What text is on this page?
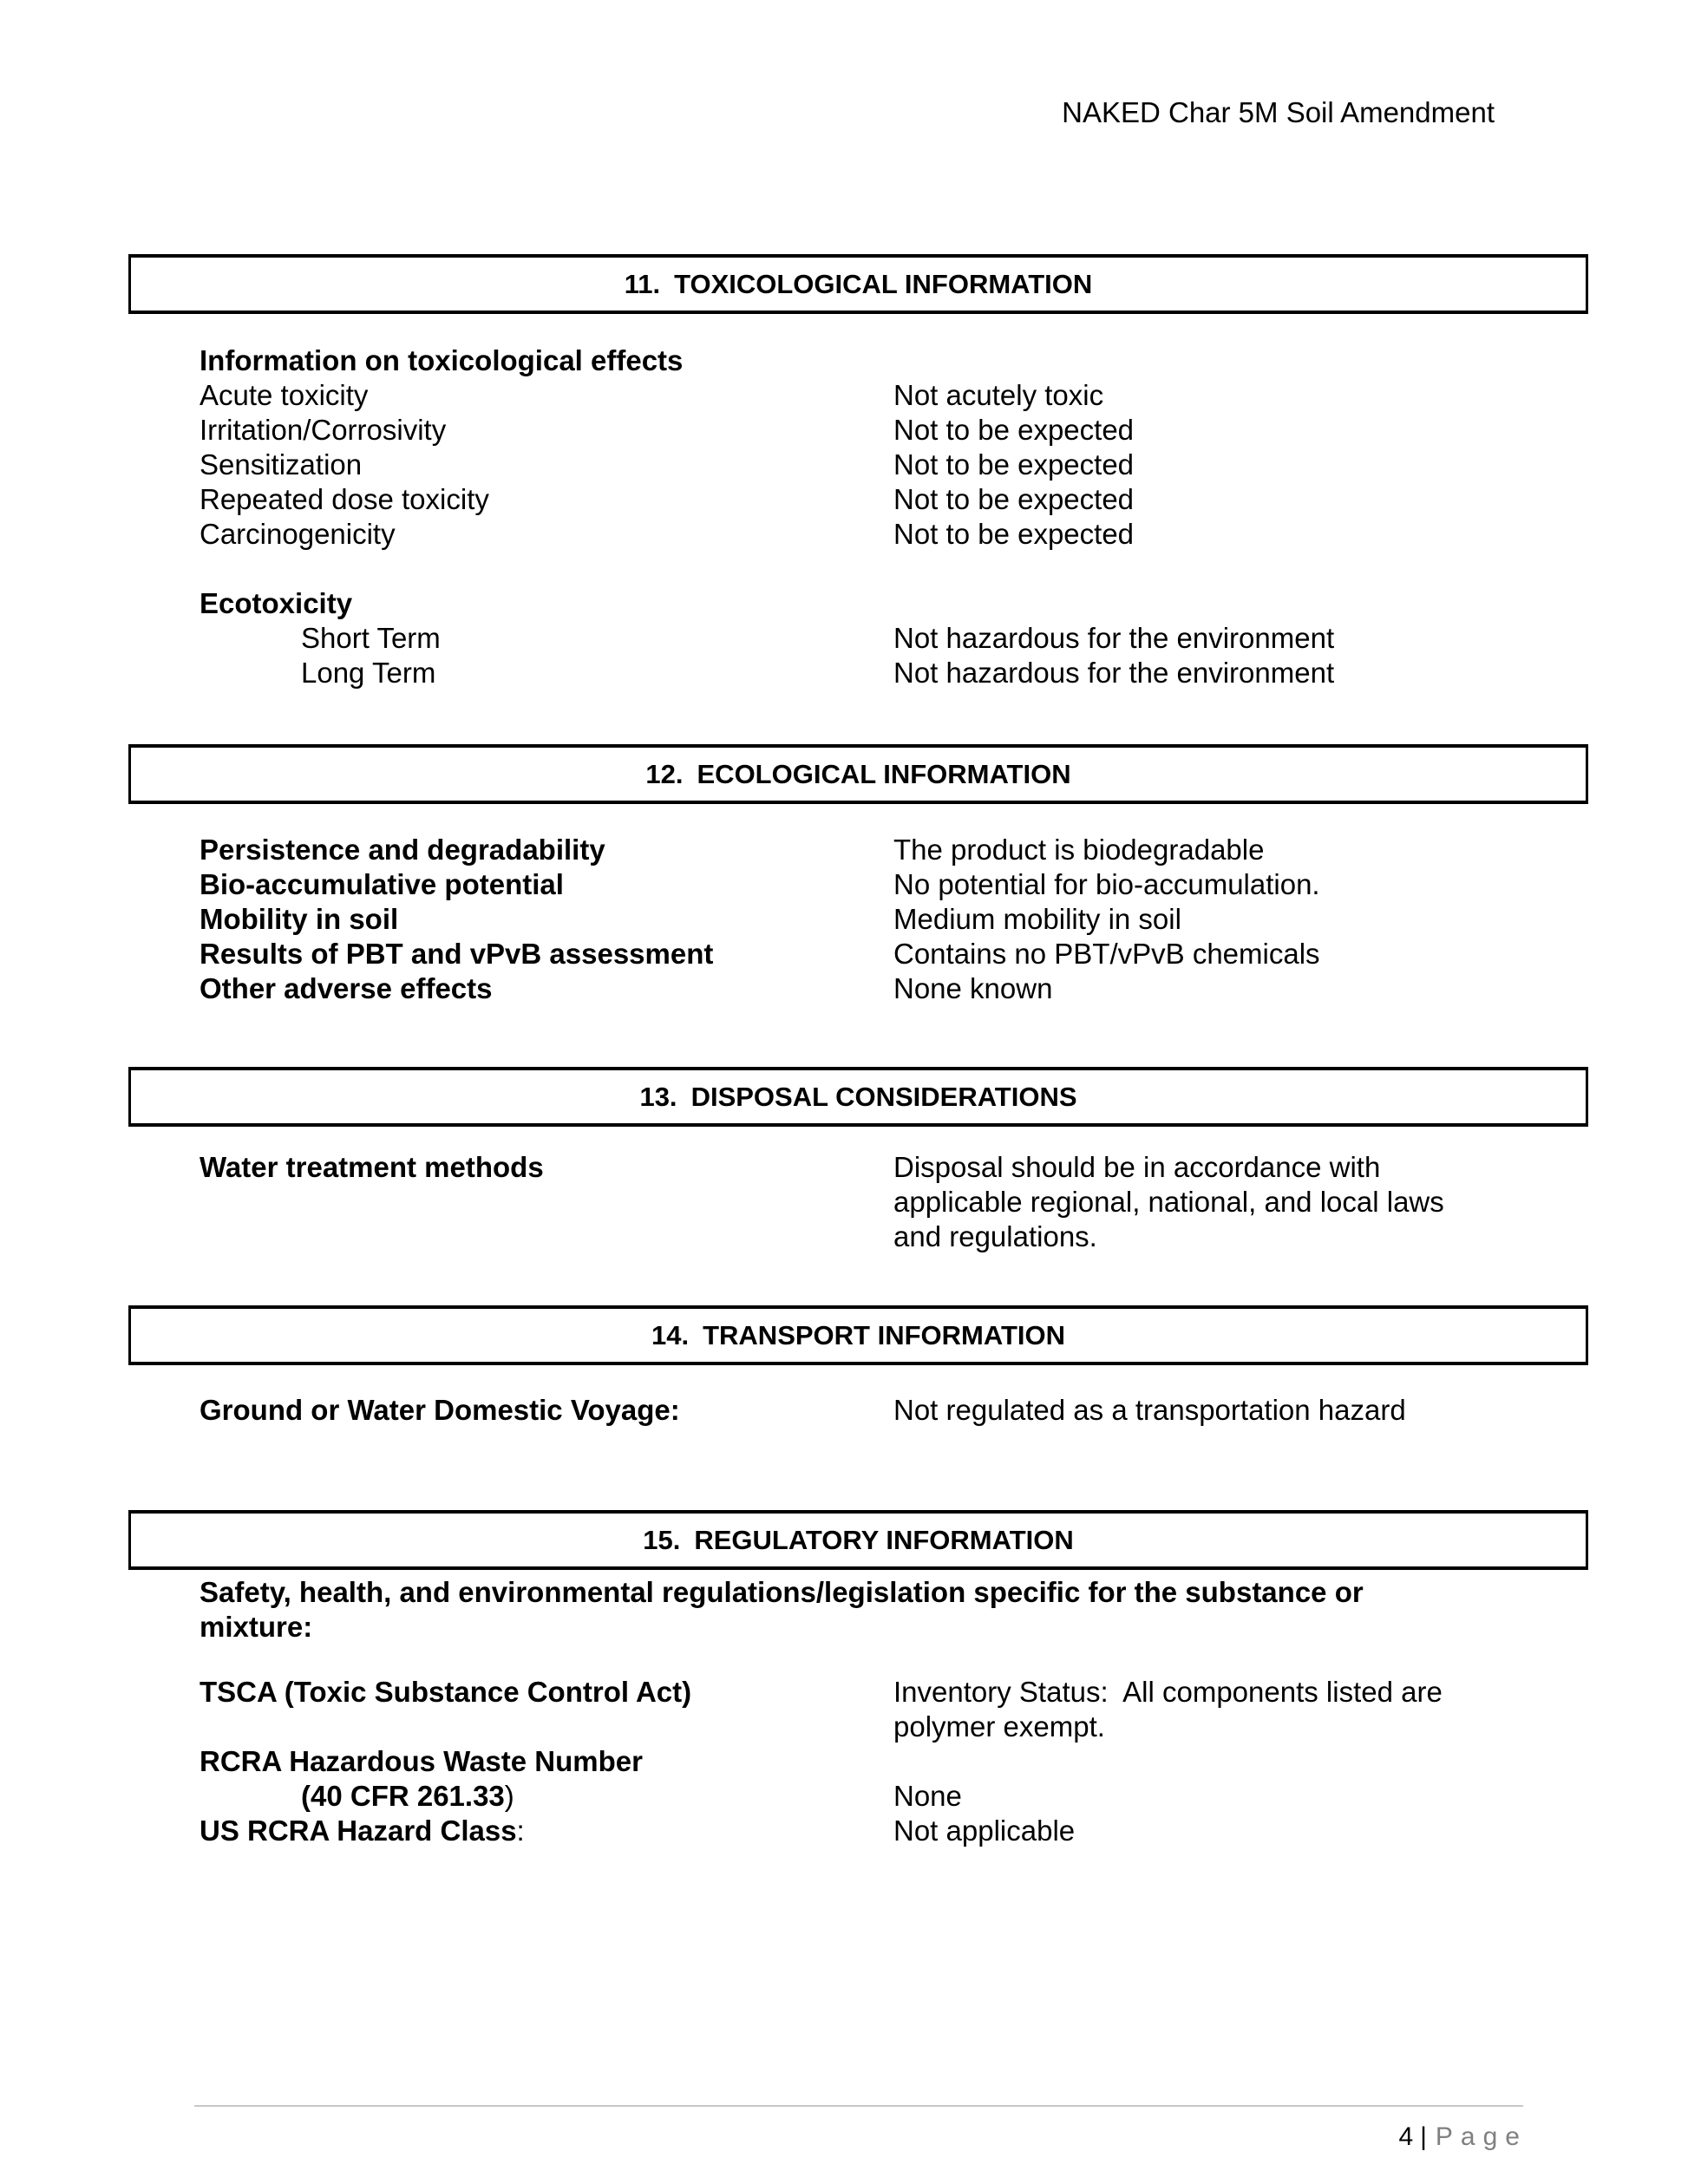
NAKED Char 5M Soil Amendment
11. TOXICOLOGICAL INFORMATION
Information on toxicological effects
Acute toxicity	Not acutely toxic
Irritation/Corrosivity	Not to be expected
Sensitization	Not to be expected
Repeated dose toxicity	Not to be expected
Carcinogenicity	Not to be expected
Ecotoxicity
Short Term	Not hazardous for the environment
Long Term	Not hazardous for the environment
12. ECOLOGICAL INFORMATION
Persistence and degradability	The product is biodegradable
Bio-accumulative potential	No potential for bio-accumulation.
Mobility in soil	Medium mobility in soil
Results of PBT and vPvB assessment	Contains no PBT/vPvB chemicals
Other adverse effects	None known
13. DISPOSAL CONSIDERATIONS
Water treatment methods	Disposal should be in accordance with applicable regional, national, and local laws and regulations.
14. TRANSPORT INFORMATION
Ground or Water Domestic Voyage:	Not regulated as a transportation hazard
15. REGULATORY INFORMATION
Safety, health, and environmental regulations/legislation specific for the substance or mixture:
TSCA (Toxic Substance Control Act)	Inventory Status:  All components listed are polymer exempt.
RCRA Hazardous Waste Number
(40 CFR 261.33)	None
US RCRA Hazard Class:	Not applicable
4 | Page
